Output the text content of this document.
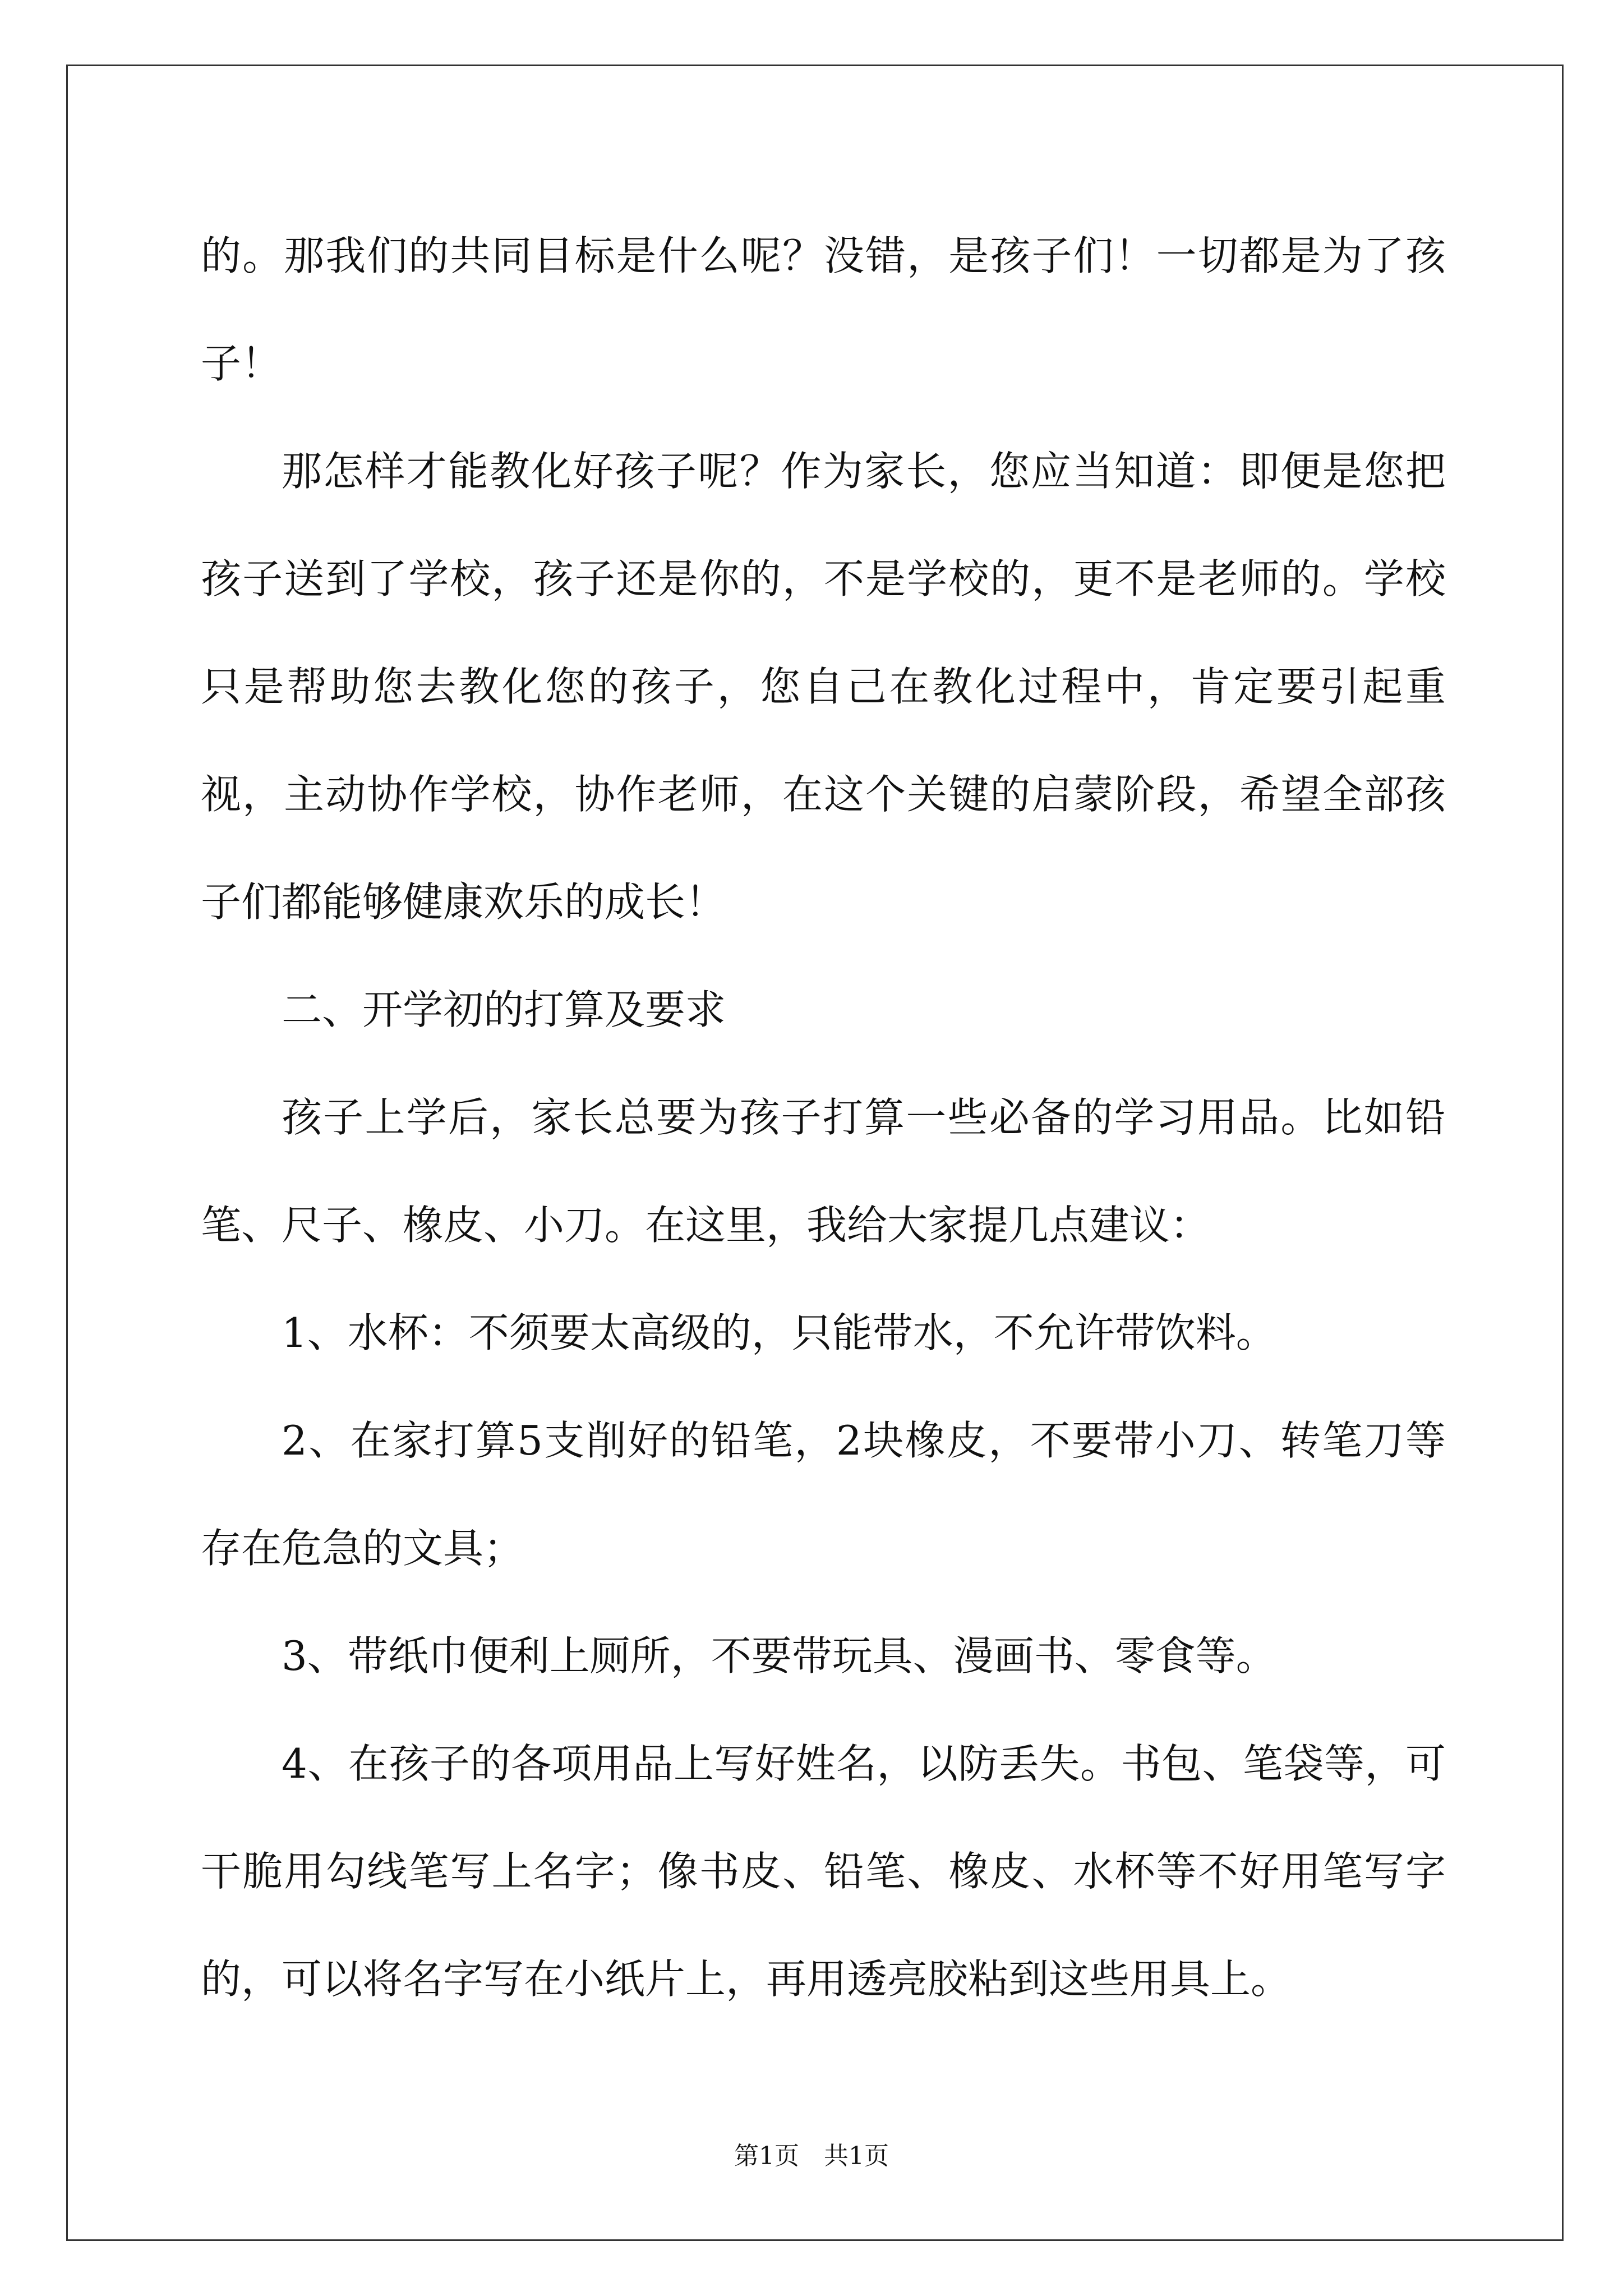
的。那我们的共同目标是什么呢？没错，是孩子们！一切都是为了孩子！

那怎样才能教化好孩子呢？作为家长，您应当知道：即便是您把孩子送到了学校，孩子还是你的，不是学校的，更不是老师的。学校只是帮助您去教化您的孩子，您自己在教化过程中，肯定要引起重视，主动协作学校，协作老师，在这个关键的启蒙阶段，希望全部孩子们都能够健康欢乐的成长！

二、开学初的打算及要求

孩子上学后，家长总要为孩子打算一些必备的学习用品。比如铅笔、尺子、橡皮、小刀。在这里，我给大家提几点建议：

1、水杯：不须要太高级的，只能带水，不允许带饮料。

2、在家打算5支削好的铅笔，2块橡皮，不要带小刀、转笔刀等存在危急的文具；

3、带纸巾便利上厕所，不要带玩具、漫画书、零食等。

4、在孩子的各项用品上写好姓名，以防丢失。书包、笔袋等，可干脆用勾线笔写上名字；像书皮、铅笔、橡皮、水杯等不好用笔写字的，可以将名字写在小纸片上，再用透亮胶粘到这些用具上。

第1页　共1页
